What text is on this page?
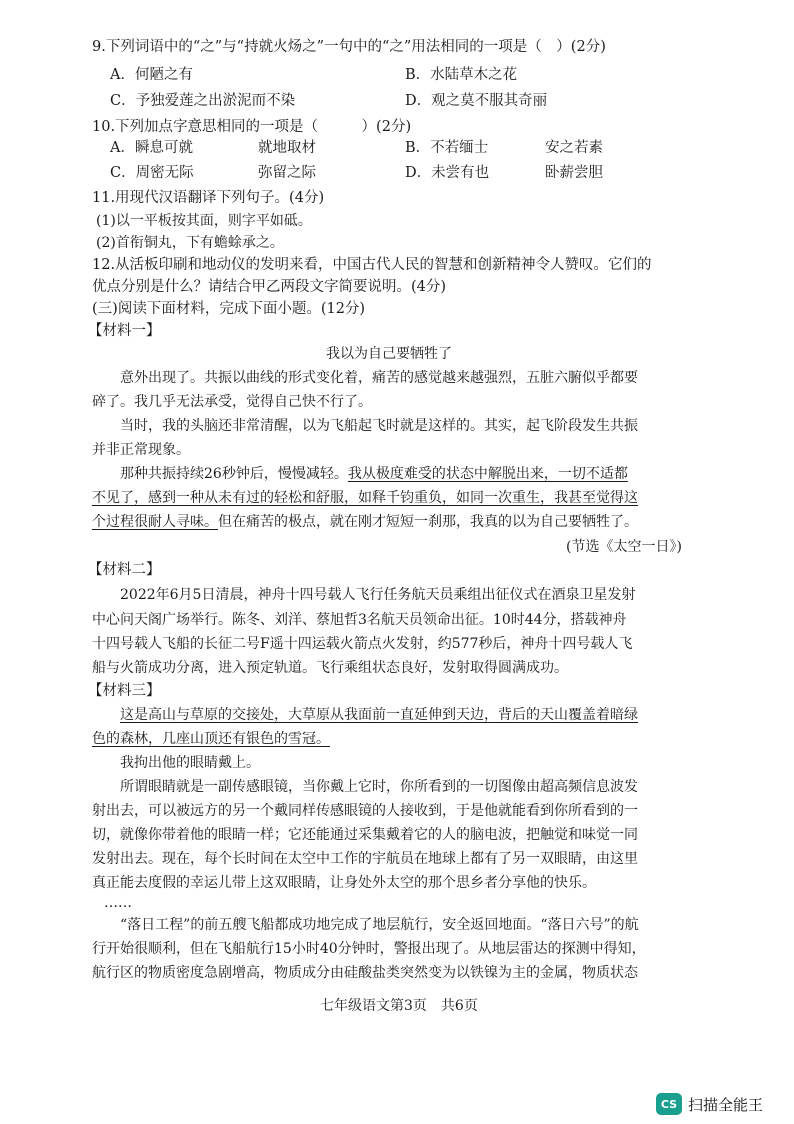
9.下列词语中的“之”与“持就火炀之”一句中的“之”用法相同的一项是（　）(2分)
A．何陋之有	B．水陆草木之花
C．予独爱莲之出淤泥而不染	D．观之莫不服其奇丽
10.下列加点字意思相同的一项是（　　　）(2分)
A．瞬息可就	就地取材	B．不若缅士	安之若素
C．周密无际	弥留之际	D．未尝有也	卧薪尝胆
11.用现代汉语翻译下列句子。(4分)
(1)以一平板按其面，则字平如砥。
(2)首衔铜丸，下有蟾蜍承之。
12.从活板印刷和地动仪的发明来看，中国古代人民的智慧和创新精神令人赞叹。它们的
优点分别是什么？请结合甲乙两段文字简要说明。(4分)
(三)阅读下面材料，完成下面小题。(12分)
【材料一】
我以为自己要牺牲了
意外出现了。共振以曲线的形式变化着，痛苦的感觉越来越强烈，五脏六腑似乎都要
碎了。我几乎无法承受，觉得自己快不行了。
当时，我的头脑还非常清醒，以为飞船起飞时就是这样的。其实，起飞阶段发生共振
并非正常现象。
那种共振持续26秒钟后，慢慢减轻。我从极度难受的状态中解脱出来，一切不适都
不见了，感到一种从未有过的轻松和舒服，如释千钧重负，如同一次重生，我甚至觉得这
个过程很耐人寻味。但在痛苦的极点，就在刚才短短一刹那，我真的以为自己要牺牲了。
(节选《太空一日》)
【材料二】
2022年6月5日清晨，神舟十四号载人飞行任务航天员乘组出征仪式在酒泉卫星发射
中心问天阁广场举行。陈冬、刘洋、蔡旭哲3名航天员领命出征。10时44分，搭载神舟
十四号载人飞船的长征二号F遥十四运载火箭点火发射，约577秒后，神舟十四号载人飞
船与火箭成功分离，进入预定轨道。飞行乘组状态良好，发射取得圆满成功。
【材料三】
这是高山与草原的交接处，大草原从我面前一直延伸到天边，背后的天山覆盖着暗绿
色的森林，几座山顶还有银色的雪冠。
我拘出他的眼睛戴上。
所谓眼睛就是一副传感眼镜，当你戴上它时，你所看到的一切图像由超高频信息波发
射出去，可以被远方的另一个戴同样传感眼镜的人接收到，于是他就能看到你所看到的一
切，就像你带着他的眼睛一样；它还能通过采集戴着它的人的脑电波，把触觉和味觉一同
发射出去。现在，每个长时间在太空中工作的宇航员在地球上都有了另一双眼睛，由这里
真正能去度假的幸运儿带上这双眼睛，让身处外太空的那个思乡者分享他的快乐。
……
“落日工程”的前五艘飞船都成功地完成了地层航行，安全返回地面。“落日六号”的航
行开始很顺利，但在飞船航行15小时40分钟时，警报出现了。从地层雷达的探测中得知，
航行区的物质密度急剧增高，物质成分由硅酸盐类突然变为以铁镍为主的金属，物质状态
七年级语文第3页　共6页
CS 扫描全能王
